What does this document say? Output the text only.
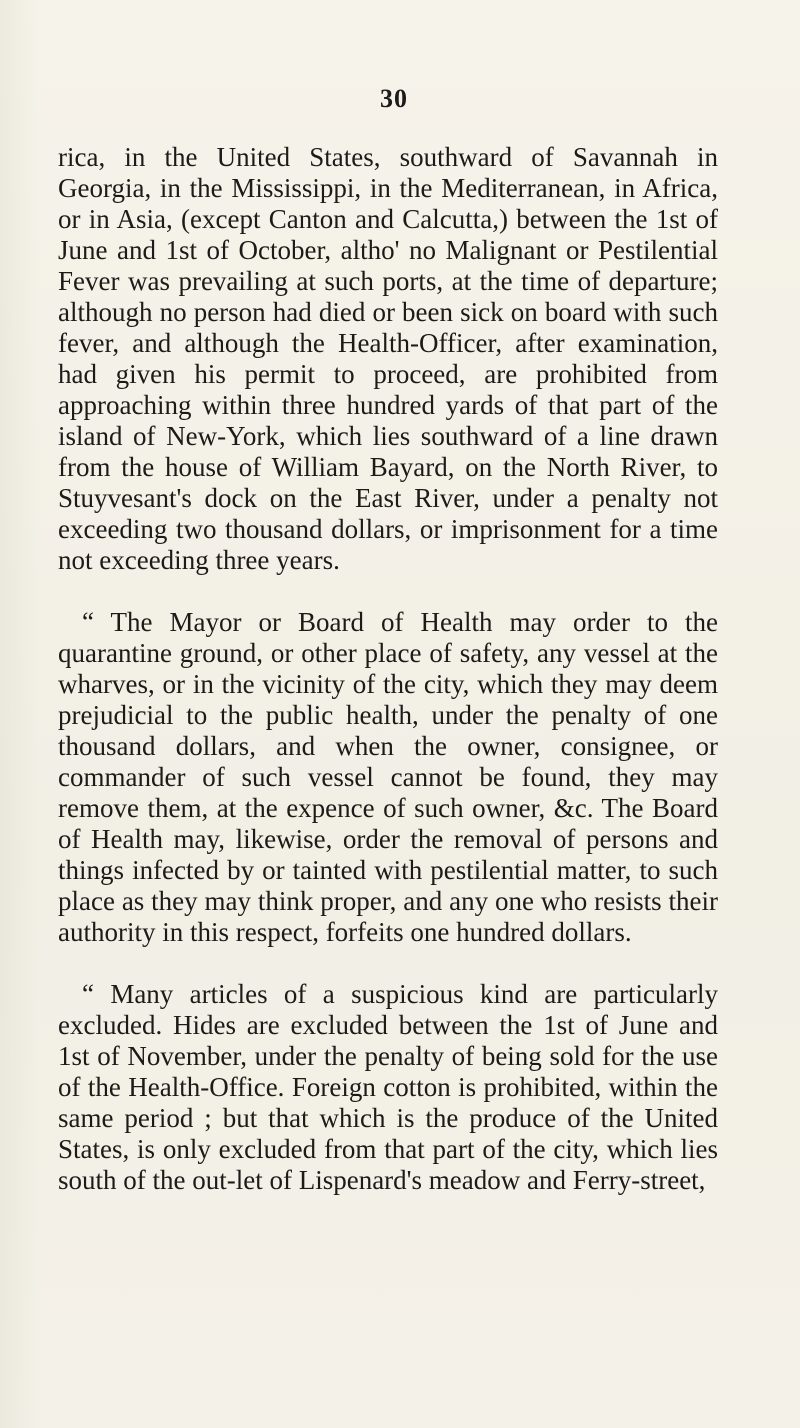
30

rica, in the United States, southward of Savannah in Georgia, in the Mississippi, in the Mediterranean, in Africa, or in Asia, (except Canton and Calcutta,) between the 1st of June and 1st of October, altho' no Malignant or Pestilential Fever was prevailing at such ports, at the time of departure; although no person had died or been sick on board with such fever, and although the Health-Officer, after examination, had given his permit to proceed, are prohibited from approaching within three hundred yards of that part of the island of New-York, which lies southward of a line drawn from the house of William Bayard, on the North River, to Stuyvesant's dock on the East River, under a penalty not exceeding two thousand dollars, or imprisonment for a time not exceeding three years.

“ The Mayor or Board of Health may order to the quarantine ground, or other place of safety, any vessel at the wharves, or in the vicinity of the city, which they may deem prejudicial to the public health, under the penalty of one thousand dollars, and when the owner, consignee, or commander of such vessel cannot be found, they may remove them, at the expence of such owner, &c. The Board of Health may, likewise, order the removal of persons and things infected by or tainted with pestilential matter, to such place as they may think proper, and any one who resists their authority in this respect, forfeits one hundred dollars.

“ Many articles of a suspicious kind are particularly excluded. Hides are excluded between the 1st of June and 1st of November, under the penalty of being sold for the use of the Health-Office. Foreign cotton is prohibited, within the same period ; but that which is the produce of the United States, is only excluded from that part of the city, which lies south of the out-let of Lispenard's meadow and Ferry-street,
